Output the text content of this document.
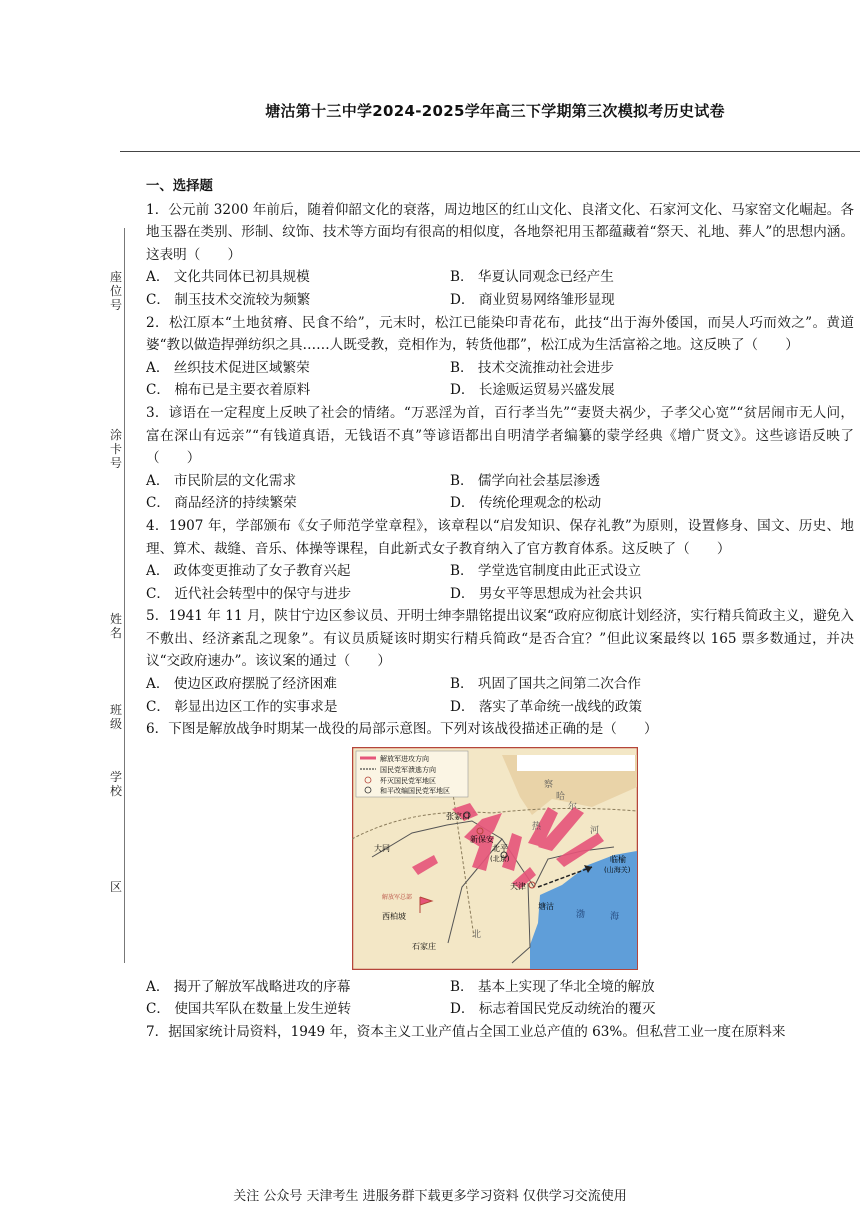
塘沽第十三中学2024-2025学年高三下学期第三次模拟考历史试卷
座位号
涂卡号
姓名
班级
学校
区
一、选择题
1．公元前 3200 年前后，随着仰韶文化的衰落，周边地区的红山文化、良渚文化、石家河文化、马家窑文化崛起。各地玉器在类别、形制、纹饰、技术等方面均有很高的相似度，各地祭祀用玉都蕴藏着“祭天、礼地、葬人”的思想内涵。这表明（　　）
A． 文化共同体已初具规模	B． 华夏认同观念已经产生
C． 制玉技术交流较为频繁	D． 商业贸易网络雏形显现
2．松江原本“土地贫瘠、民食不给”，元末时，松江已能染印青花布，此技“出于海外倭国，而吴人巧而效之”。黄道婆“教以做造捍弹纺织之具……人既受教，竞相作为，转货他郡”，松江成为生活富裕之地。这反映了（　　）
A． 丝织技术促进区域繁荣	B． 技术交流推动社会进步
C． 棉布已是主要衣着原料	D． 长途贩运贸易兴盛发展
3．谚语在一定程度上反映了社会的情绪。“万恶淫为首，百行孝当先”“妻贤夫祸少，子孝父心宽”“贫居闹市无人问，富在深山有远亲”“有钱道真语，无钱语不真”等谚语都出自明清学者编纂的蒙学经典《增广贤文》。这些谚语反映了（　　）
A． 市民阶层的文化需求	B． 儒学向社会基层渗透
C． 商品经济的持续繁荣	D． 传统伦理观念的松动
4．1907 年，学部颁布《女子师范学堂章程》，该章程以“启发知识、保存礼教”为原则，设置修身、国文、历史、地理、算术、裁缝、音乐、体操等课程，自此新式女子教育纳入了官方教育体系。这反映了（　　）
A． 政体变更推动了女子教育兴起	B． 学堂选官制度由此正式设立
C． 近代社会转型中的保守与进步	D． 男女平等思想成为社会共识
5．1941 年 11 月，陕甘宁边区参议员、开明士绅李鼎铭提出议案“政府应彻底计划经济，实行精兵简政主义，避免入不敷出、经济紊乱之现象”。有议员质疑该时期实行精兵简政“是否合宜？”但此议案最终以 165 票多数通过，并决议“交政府速办”。该议案的通过（　　）
A． 使边区政府摆脱了经济困难	B． 巩固了国共之间第二次合作
C． 彰显出边区工作的实事求是	D． 落实了革命统一战线的政策
6．下图是解放战争时期某一战役的局部示意图。下列对该战役描述正确的是（　　）
解放军进攻方向
国民党军溃逃方向
歼灭国民党军地区
和平改编国民党军地区
张家口
新保安
大同	北平
(北京)
天津
塘沽
临榆
(山海关)
西柏坡
石家庄
解放军总部
察
哈
尔
热	河
渤	海
北
A． 揭开了解放军战略进攻的序幕	B． 基本上实现了华北全境的解放
C． 使国共军队在数量上发生逆转	D． 标志着国民党反动统治的覆灭
7．据国家统计局资料，1949 年，资本主义工业产值占全国工业总产值的 63%。但私营工业一度在原料来
关注 公众号 天津考生 进服务群下载更多学习资料 仅供学习交流使用
